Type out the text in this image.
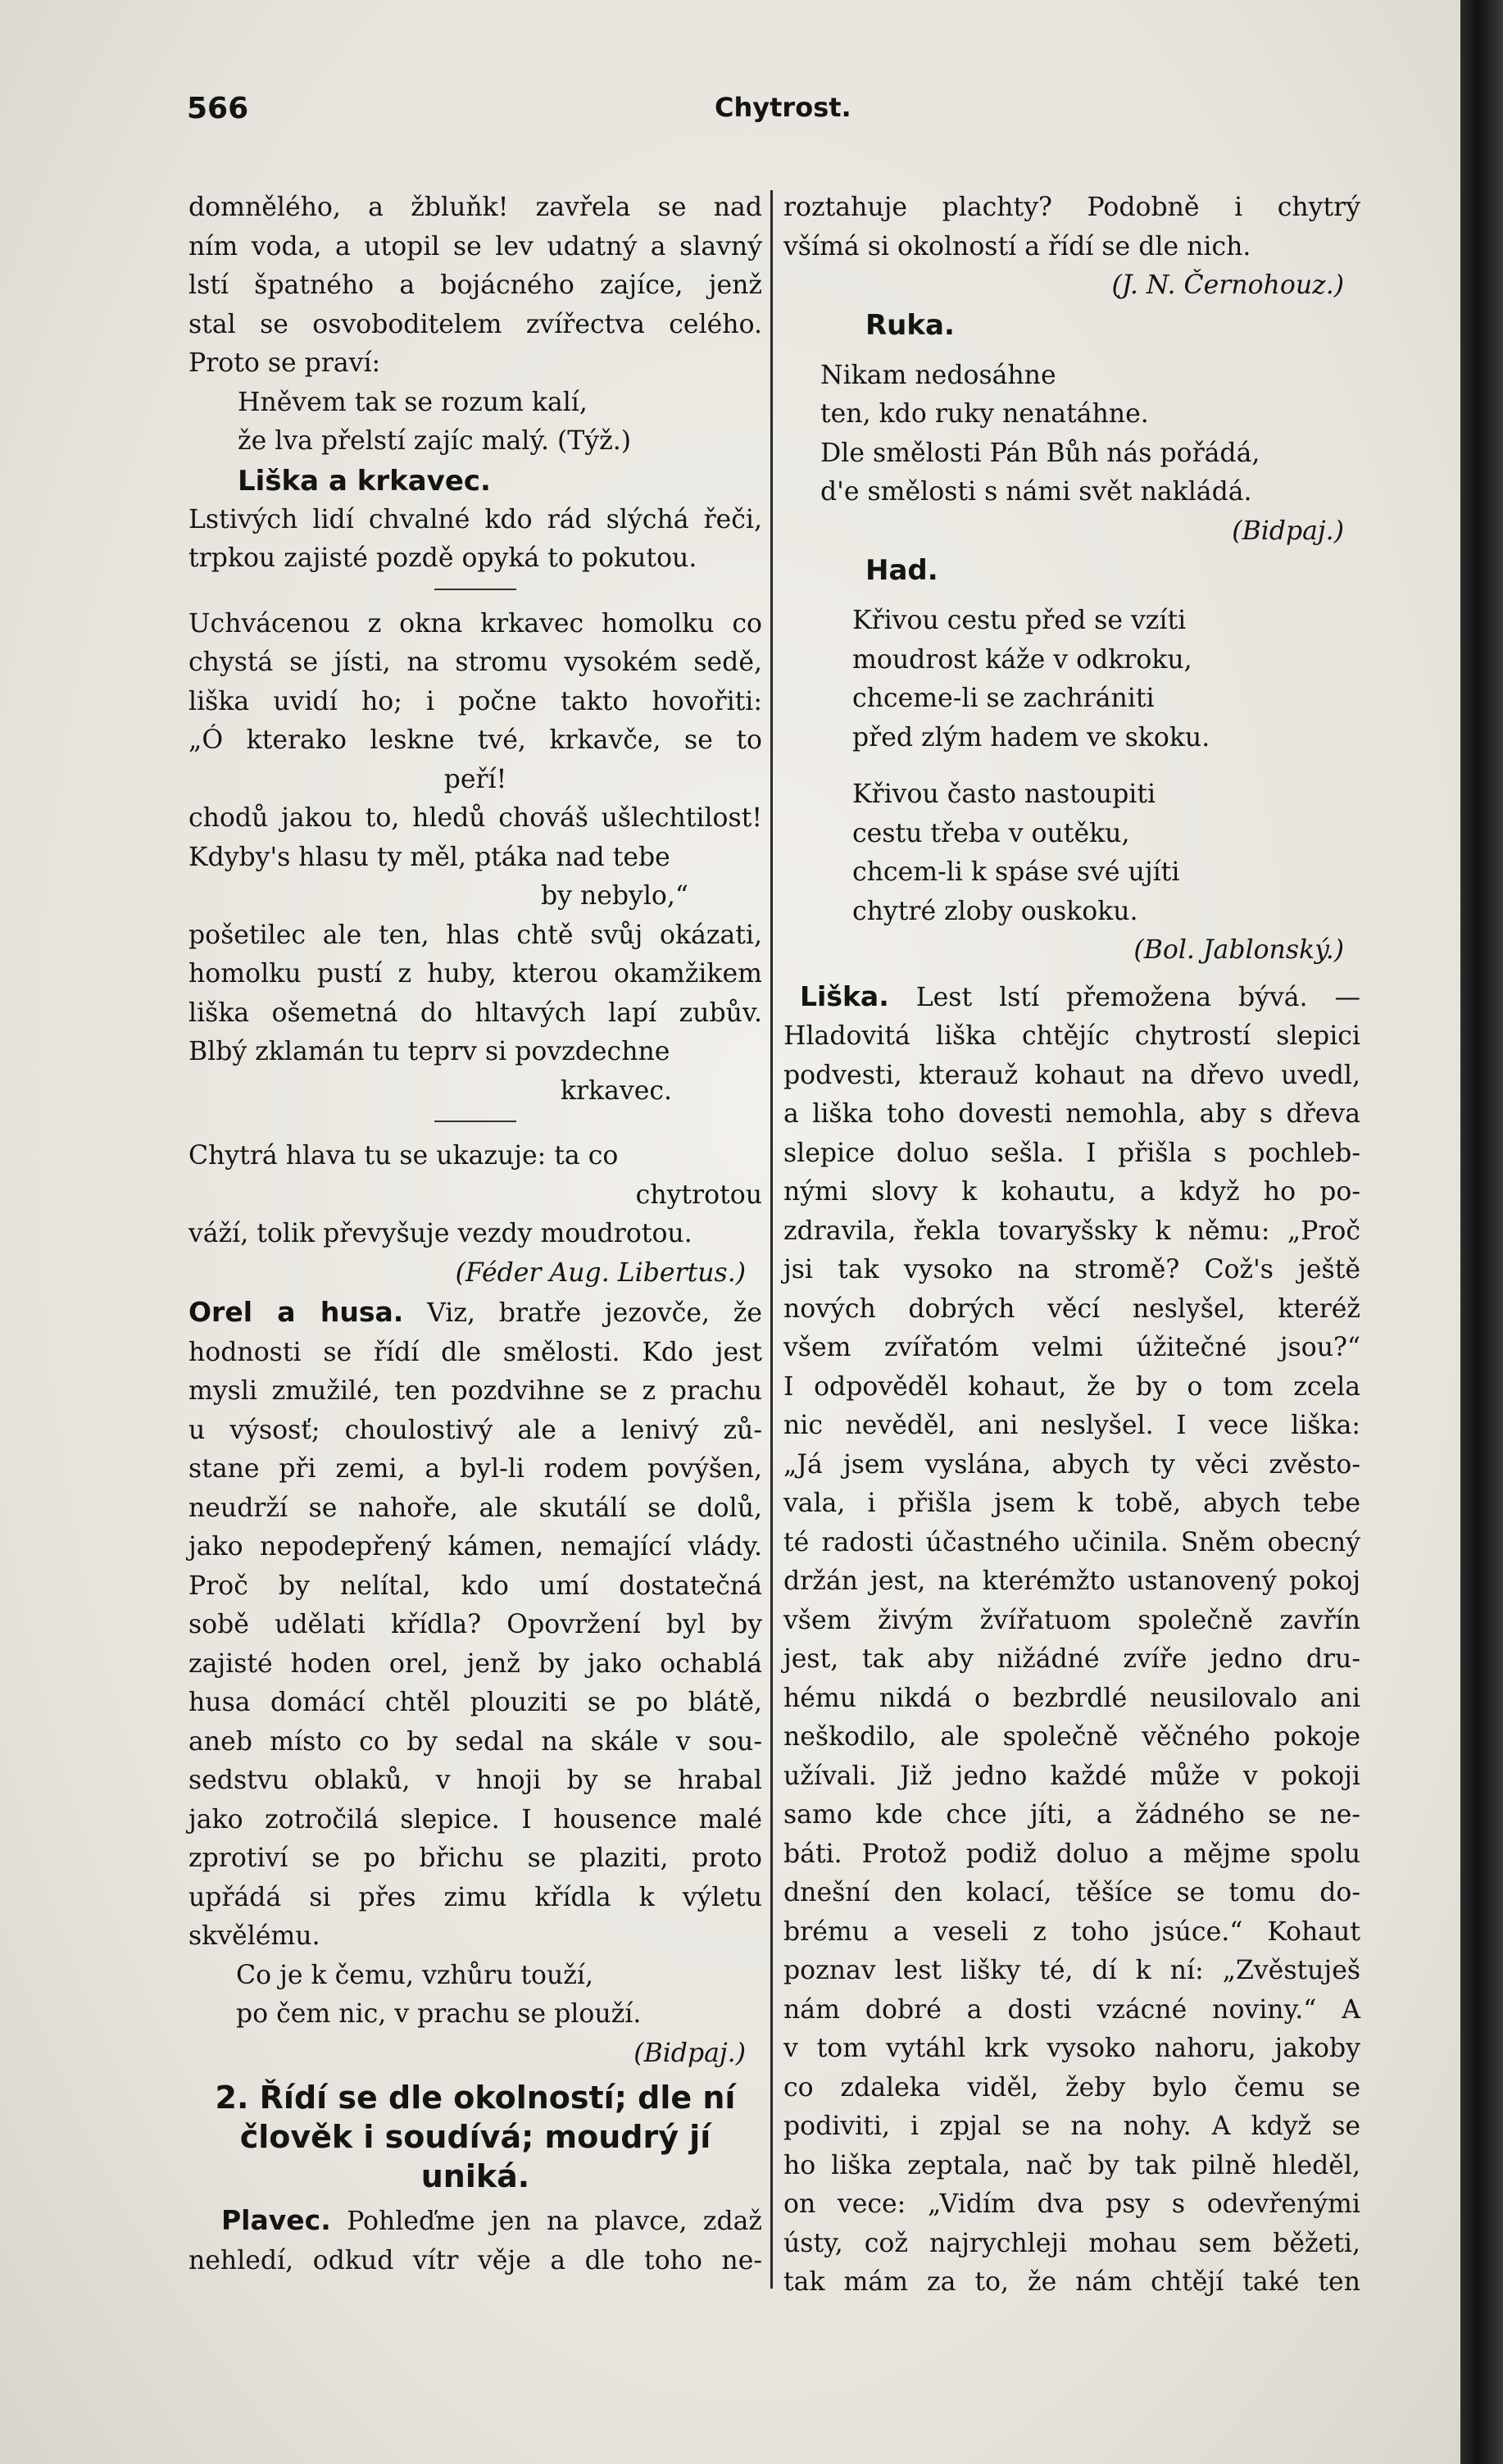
566	Chytrost.
domnělého, a žbluňk! zavřela se nad
ním voda, a utopil se lev udatný a slavný
lstí špatného a bojácného zajíce, jenž
stal se osvoboditelem zvířectva celého.
Proto se praví:
Hněvem tak se rozum kalí,
že lva přelstí zajíc malý. (Týž.)
Liška a krkavec.
Lstivých lidí chvalné kdo rád slýchá řeči,
trpkou zajisté pozdě opyká to pokutou.
Uchvácenou z okna krkavec homolku co
chystá se jísti, na stromu vysokém sedě,
liška uvidí ho; i počne takto hovořiti:
„Ó kterako leskne tvé, krkavče, se to
peří!
chodů jakou to, hledů chováš ušlechtilost!
Kdyby's hlasu ty měl, ptáka nad tebe
by nebylo,“
pošetilec ale ten, hlas chtě svůj okázati,
homolku pustí z huby, kterou okamžikem
liška ošemetná do hltavých lapí zubův.
Blbý zklamán tu teprv si povzdechne
krkavec.
Chytrá hlava tu se ukazuje: ta co
chytrotou
váží, tolik převyšuje vezdy moudrotou.
(Féder Aug. Libertus.)
Orel a husa. Viz, bratře jezovče, že
hodnosti se řídí dle smělosti. Kdo jest
mysli zmužilé, ten pozdvihne se z prachu
u výsosť; choulostivý ale a lenivý zů-
stane při zemi, a byl-li rodem povýšen,
neudrží se nahoře, ale skutálí se dolů,
jako nepodepřený kámen, nemající vlády.
Proč by nelítal, kdo umí dostatečná
sobě udělati křídla? Opovržení byl by
zajisté hoden orel, jenž by jako ochablá
husa domácí chtěl plouziti se po blátě,
aneb místo co by sedal na skále v sou-
sedstvu oblaků, v hnoji by se hrabal
jako zotročilá slepice. I housence malé
zprotiví se po břichu se plaziti, proto
upřádá si přes zimu křídla k výletu
skvělému.
Co je k čemu, vzhůru touží,
po čem nic, v prachu se plouží.
(Bidpaj.)
2. Řídí se dle okolností; dle ní
člověk i soudívá; moudrý jí
uniká.
Plavec. Pohleďme jen na plavce, zdaž
nehledí, odkud vítr věje a dle toho ne-
roztahuje plachty? Podobně i chytrý
všímá si okolností a řídí se dle nich.
(J. N. Černohouz.)
Ruka.
Nikam nedosáhne
ten, kdo ruky nenatáhne.
Dle smělosti Pán Bůh nás pořádá,
d'e smělosti s námi svět nakládá.
(Bidpaj.)
Had.
Křivou cestu před se vzíti
moudrost káže v odkroku,
chceme-li se zachrániti
před zlým hadem ve skoku.
Křivou často nastoupiti
cestu třeba v outěku,
chcem-li k spáse své ujíti
chytré zloby ouskoku.
(Bol. Jablonský.)
Liška. Lest lstí přemožena bývá. —
Hladovitá liška chtějíc chytrostí slepici
podvesti, kterauž kohaut na dřevo uvedl,
a liška toho dovesti nemohla, aby s dřeva
slepice doluo sešla. I přišla s pochleb-
nými slovy k kohautu, a když ho po-
zdravila, řekla tovaryšsky k němu: „Proč
jsi tak vysoko na stromě? Což's ještě
nových dobrých věcí neslyšel, kteréž
všem zvířatóm velmi úžitečné jsou?“
I odpověděl kohaut, že by o tom zcela
nic nevěděl, ani neslyšel. I vece liška:
„Já jsem vyslána, abych ty věci zvěsto-
vala, i přišla jsem k tobě, abych tebe
té radosti účastného učinila. Sněm obecný
držán jest, na kterémžto ustanovený pokoj
všem živým žvířatuom společně zavřín
jest, tak aby nižádné zvíře jedno dru-
hému nikdá o bezbrdlé neusilovalo ani
neškodilo, ale společně věčného pokoje
užívali. Již jedno každé může v pokoji
samo kde chce jíti, a žádného se ne-
báti. Protož podiž doluo a mějme spolu
dnešní den kolací, těšíce se tomu do-
brému a veseli z toho jsúce.“ Kohaut
poznav lest lišky té, dí k ní: „Zvěstuješ
nám dobré a dosti vzácné noviny.“ A
v tom vytáhl krk vysoko nahoru, jakoby
co zdaleka viděl, žeby bylo čemu se
podiviti, i zpjal se na nohy. A když se
ho liška zeptala, nač by tak pilně hleděl,
on vece: „Vidím dva psy s odevřenými
ústy, což najrychleji mohau sem běžeti,
tak mám za to, že nám chtějí také ten
